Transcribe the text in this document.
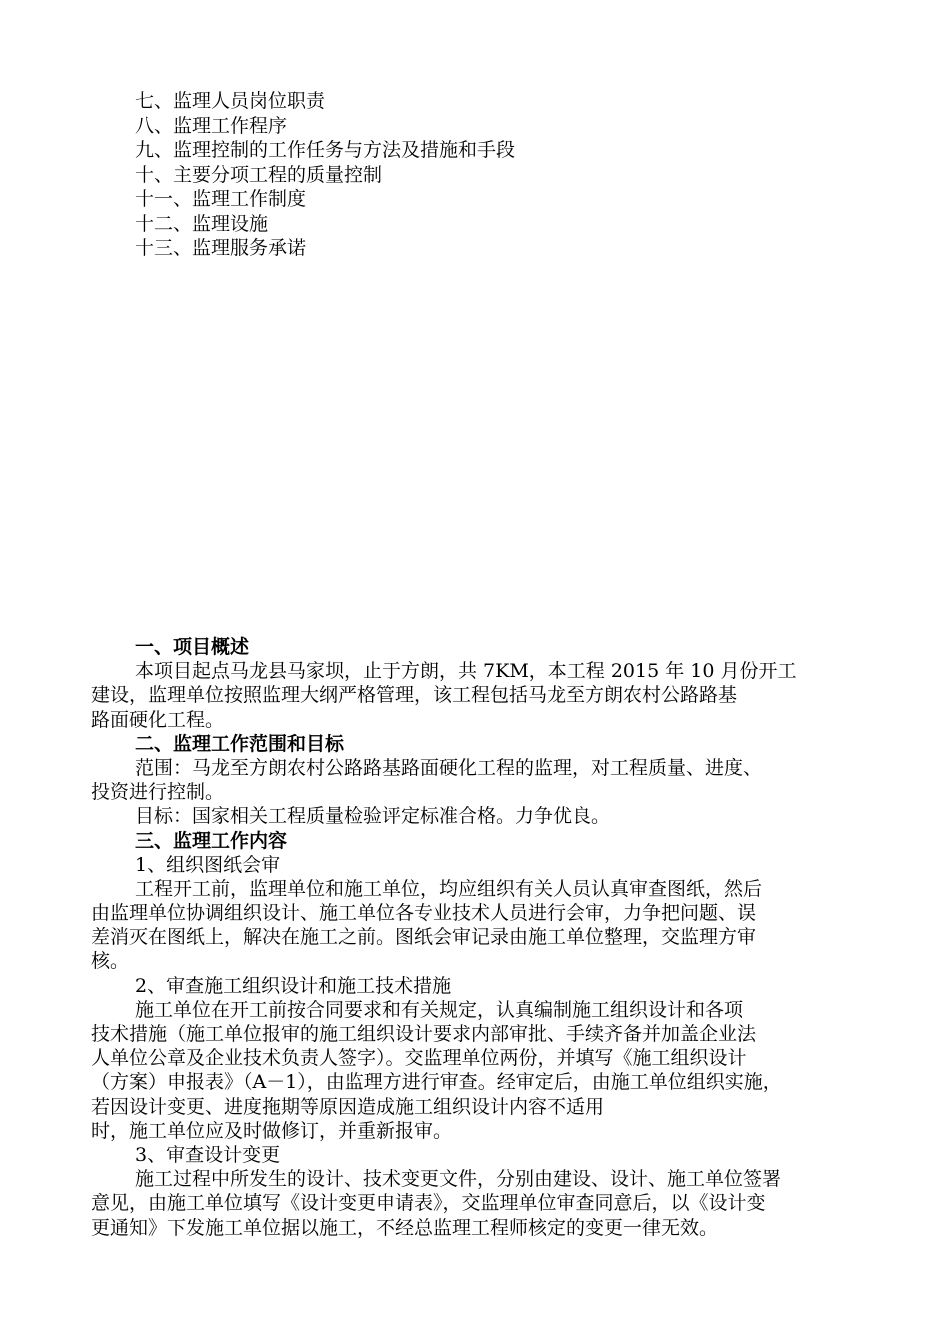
七、监理人员岗位职责
八、监理工作程序
九、监理控制的工作任务与方法及措施和手段
十、主要分项工程的质量控制
十一、监理工作制度
十二、监理设施
十三、监理服务承诺
一、项目概述
本项目起点马龙县马家坝，止于方朗，共 7KM，本工程 2015 年 10 月份开工
建设，监理单位按照监理大纲严格管理，该工程包括马龙至方朗农村公路路基
路面硬化工程。
二、监理工作范围和目标
范围：马龙至方朗农村公路路基路面硬化工程的监理，对工程质量、进度、
投资进行控制。
目标：国家相关工程质量检验评定标准合格。力争优良。
三、监理工作内容
1、组织图纸会审
工程开工前，监理单位和施工单位，均应组织有关人员认真审查图纸，然后
由监理单位协调组织设计、施工单位各专业技术人员进行会审，力争把问题、误
差消灭在图纸上，解决在施工之前。图纸会审记录由施工单位整理，交监理方审
核。
2、审查施工组织设计和施工技术措施
施工单位在开工前按合同要求和有关规定，认真编制施工组织设计和各项
技术措施（施工单位报审的施工组织设计要求内部审批、手续齐备并加盖企业法
人单位公章及企业技术负责人签字）。交监理单位两份，并填写《施工组织设计
（方案）申报表》（A－1），由监理方进行审查。经审定后，由施工单位组织实施，
若因设计变更、进度拖期等原因造成施工组织设计内容不适用
时，施工单位应及时做修订，并重新报审。
3、审查设计变更
施工过程中所发生的设计、技术变更文件，分别由建设、设计、施工单位签署
意见，由施工单位填写《设计变更申请表》，交监理单位审查同意后，以《设计变
更通知》下发施工单位据以施工，不经总监理工程师核定的变更一律无效。
